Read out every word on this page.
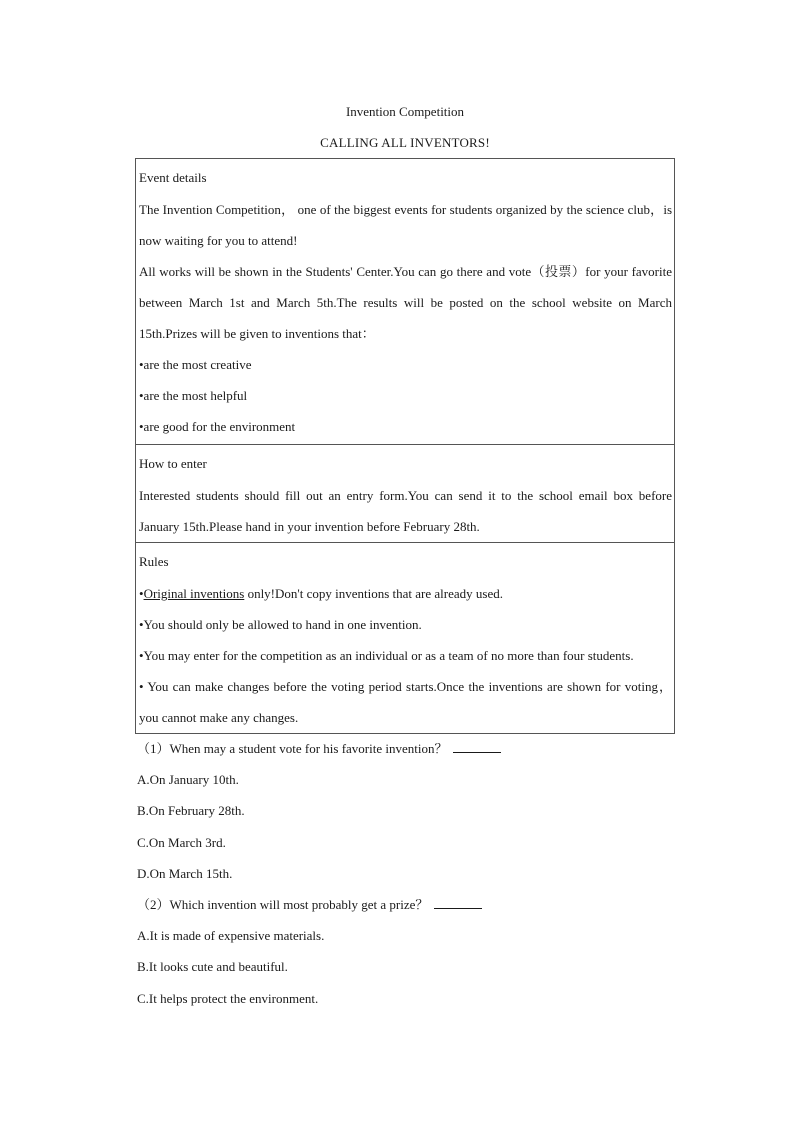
Invention Competition
CALLING ALL INVENTORS!
Event details
The Invention Competition， one of the biggest events for students organized by the science club，is now waiting for you to attend!
All works will be shown in the Students' Center.You can go there and vote（投票）for your favorite between March 1st and March 5th.The results will be posted on the school website on March 15th.Prizes will be given to inventions that：
•are the most creative
•are the most helpful
•are good for the environment
How to enter
Interested students should fill out an entry form.You can send it to the school email box before January 15th.Please hand in your invention before February 28th.
Rules
•Original inventions only!Don't copy inventions that are already used.
•You should only be allowed to hand in one invention.
•You may enter for the competition as an individual or as a team of no more than four students.
• You can make changes before the voting period starts.Once the inventions are shown for voting，you cannot make any changes.
（1）When may a student vote for his favorite invention？
A.On January 10th.
B.On February 28th.
C.On March 3rd.
D.On March 15th.
（2）Which invention will most probably get a prize？
A.It is made of expensive materials.
B.It looks cute and beautiful.
C.It helps protect the environment.
